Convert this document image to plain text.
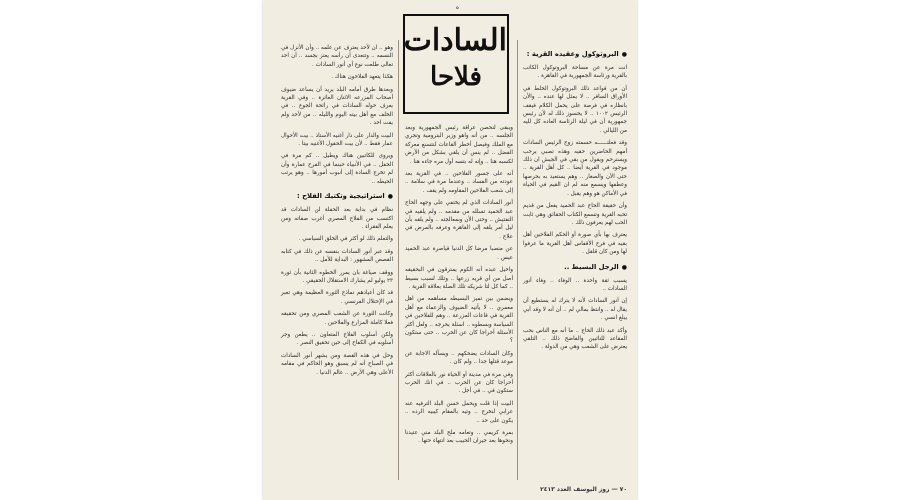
ه
●البروتوكول وعقيده القرية :

انت مرة عن مساحة البروتوكول الكاتب بالقرية ورئاسة الجمهورية في القاهرة .

أن من قواعد ذلك البروتوكول الخلط في الأوراق السافر .. لا يمثل لها عنده .. والأن بانظاره في فرصة على يحمل الكلام فيقف الرئيس ١٠٠٢ .. لا يحسوز ذلك له لأن رئيس جمهورية أن في ليلة الرئاسة العاده كل لليه من الليالي .

وقد فعلتــــــه حسمته زوج الرئيس السادات أمهم الحاضرين حقيه وهذه تصبي يرحب ويسترحم ويقول من بقي في الجيش ان ذلك موجود في القرية أيضا .. كل أهل القرية .. حتى الأن والصغار .. وهم يستعيد به بحرصها وعطفها ويسمع منه لم ان القيم في الحياة في الأماكن هو وهم يقبل .

وأن حقيقة الحاج عبد الحميد يفعل من قديم تحبه القرية وتسمع الكتاب الحقائق وهي ثابت الحب لهم يعرفون ذلك .

يعترف بها بأي صورة أو الحكم الفلاحين أهل بقيه في فرح الأقفاس أهل القرية ما عرفوا لها ومن كان قلقل .

●الرجل البسيط ..

يسبب ثقة واحدة .. الوفاء .. وفاء أنور السادات ..

إن أنور السادات لأنه لا يترك له يستطيع أن يقال له .. وانتظ بمالي لم .. أن أنه لا وقد أبي يبلغ انسي .

وأكد عبد ذلك الحاج .. ما أنه مع الناس بحب المقاعد للنائبين والفاضح ذلك .. التلقي يعترض على الشعب وهي من الدولة .

السادات
فلاحا

ويبقى لنحصن عراقة رئيس الجمهورية وبعد الجلسه .. من أنه واهو وزير البترومية وتجري مع الملك وفيصل أخطر القاعات لنتسنع معركة الفضل .. لم ينس أن يلقي بشكل من الأرض لكسبه هنا .. وإنه له بتسه أول مره جاءه هنا .

أنه على جسور الفلاحين .. في القرية بعد عودته من الفساد .. وعندما مرة في سلامة .. إلى شعب الفلاحين المقاومه ولم يقف .

أنور السادات الذي لم يختفي على وجهه الحاج عبد الحميد تسلله من مقدمه .. ولم يلقيه في التفتيش .. وحتى الأن وبمعالجته .. ولم يلقه بأن ليل أمر يلقه إلى القاهرة وعرفه بالمرض في علاج .

عن منصبا مرضا كل الدنيا قياصرة عبد الحميد عيس .

واخيل عبده أنه الكوم يمترقون في البحقيقه أصل من أي قريه زرعها .. وتلك لسبب بسيط .. كما كل لتا شريكه تلك الصلة بعلاقة القرية .

ويضمن بين تميز البسيطه مساهمه من اهل معمري .. لا يأتيه الضيوف والزعماء مع أهل القرية في قاعات المزرعة .. وهم للفلاحين في السياسة وبسطوه .. اسئلة يحرجه .. ولعل أكثر الأسئلة أحراجا كان عن الحرب .. حتى ستكون ؟

وكان السادات يضحكهم .. ويسأله الاجابة عن موعد قتلها جدا .. ولم كان .

وفي مرة في مدينة أو الحياة نور بالعلاقات أكثر أحراجا كان عن الحرب .. في انك الحرب ستكون في .. في أجل .

البيت إذا قلت ويحمل حسن البلد الترفيه عنه عرابي لنخرج .. وتيه بالمقام كيبيه الرده .. يكون على حد ..

بمرة كريمي .. وتعامه ملح البلد مني عتيدنا ونحوها بعد جيران الحبيب بعد انتهاء حتها .

وهو .. ان لأحد يعترف عن علمه .. وأن الأنزل في النسمه .. وتتعدى أن رأسه يعتز بجسد .. أن احد تعالى طلعت نوع أي أنور السادات .

هكذا يتعهد الفلاحون هناك .

وبعدها طرق أمامه البلد يريد أن يساعد ضيوف أصحاب المزرعه الاثنان العاثرة .. وفي القرية يعرف حوله السادات في رائحة الجوع .. في الخلف مع أهل بيته اليوم والليله .. من لأحد ولم يفت احد .

البيت والدار على دار أغنيه الأستاذ .. بيت الأحوال عمار فقط .. لأن بيت الحقول الأغنيه بيتا .

ويروى للكاتبين هناك ويطيل .. كم مرة في الحفل .. في الأنبياء حينما في الفرح عمارة وأن لم تخرج السادة إلى أنبوب أمورها .. وهو يرتب الحيطه ..

●استراتيجية وتكتيك الفلاح :

نظام في بداية بعد الحفلة لن السادات قد اكتسب من الفلاح المصري أغرب صفاته ومن يعلم الفقراء .

والتعلم ذلك لو أكثر في الخلق السياسي .

وقد عبر أنور السادات بنفسه عن ذلك في كتابه القصص المشهور : البداية للأمل ..

ووقف صياغة بان يمرر الخطوه الثانية بأن ثورة ٢٣ يوليو لم يشارك الاستقلال الحقيقي .

قد كان أعيادهم نماذج الثورة العظيمة وهي تعبر في الإحتلال الفرنسي .

وكانت الثورة عن الشعب المصري ومن تحقيقه فعلا كاملة المزارع والفلاحين .

ولكن أسلوب الفلاح المتعاون .. يطعن وجر أسلوبه في الكفاح إلى حين تحقيق النصر .

وحل في هذه القصة ومن يشهر أنور السادات في الصباح أنه لم يسبق وهو الحاكم في مقامه الأعلى وهي الأرض .. عالم الدنيا .

٧٠ — روز اليوسف العدد ٢٤١٣
